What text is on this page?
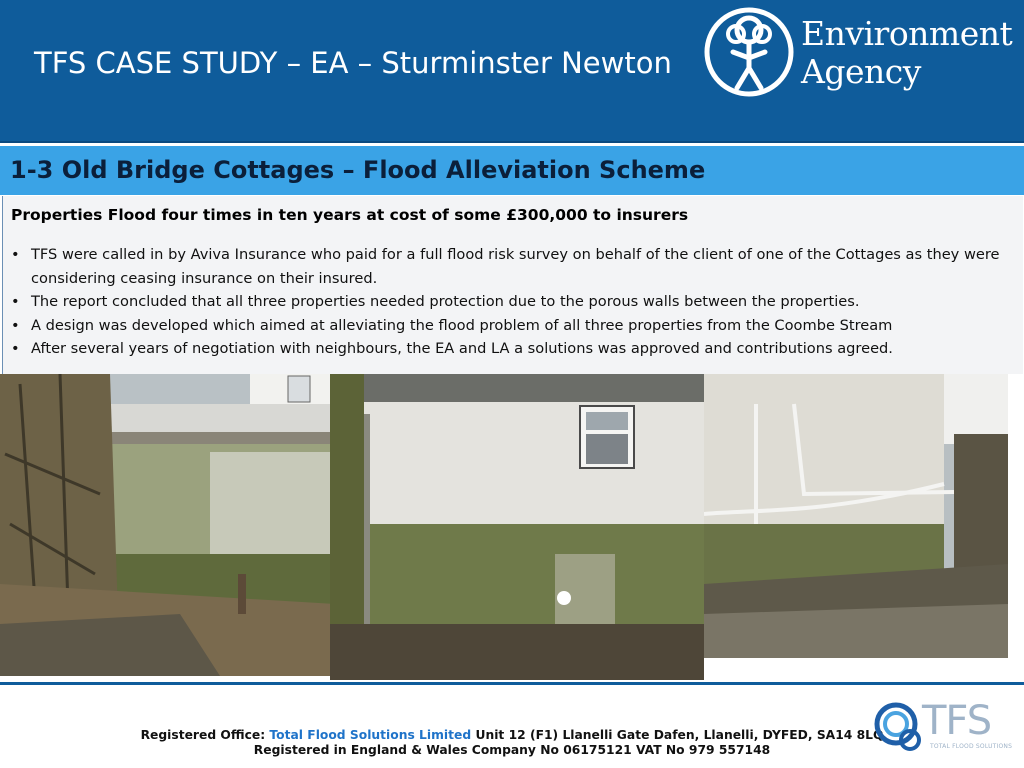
TFS CASE STUDY – EA – Sturminster Newton
Environment
Agency
1-3 Old Bridge Cottages – Flood Alleviation Scheme
Properties Flood four times in ten years at cost of some £300,000 to insurers
• TFS were called in by Aviva Insurance who paid for a full flood risk survey on behalf of the client of one of the Cottages as they were considering ceasing insurance on their insured.
• The report concluded that all three properties needed protection due to the porous walls between the properties.
• A design was developed which aimed at alleviating the flood problem of all three properties from the Coombe Stream
• After several years of negotiation with neighbours, the EA and LA a solutions was approved and contributions agreed.
Registered Office: Total Flood Solutions Limited Unit 12 (F1) Llanelli Gate Dafen, Llanelli, DYFED, SA14 8LQ
Registered in England & Wales Company No 06175121 VAT No 979 557148
TFS
TOTAL FLOOD SOLUTIONS
